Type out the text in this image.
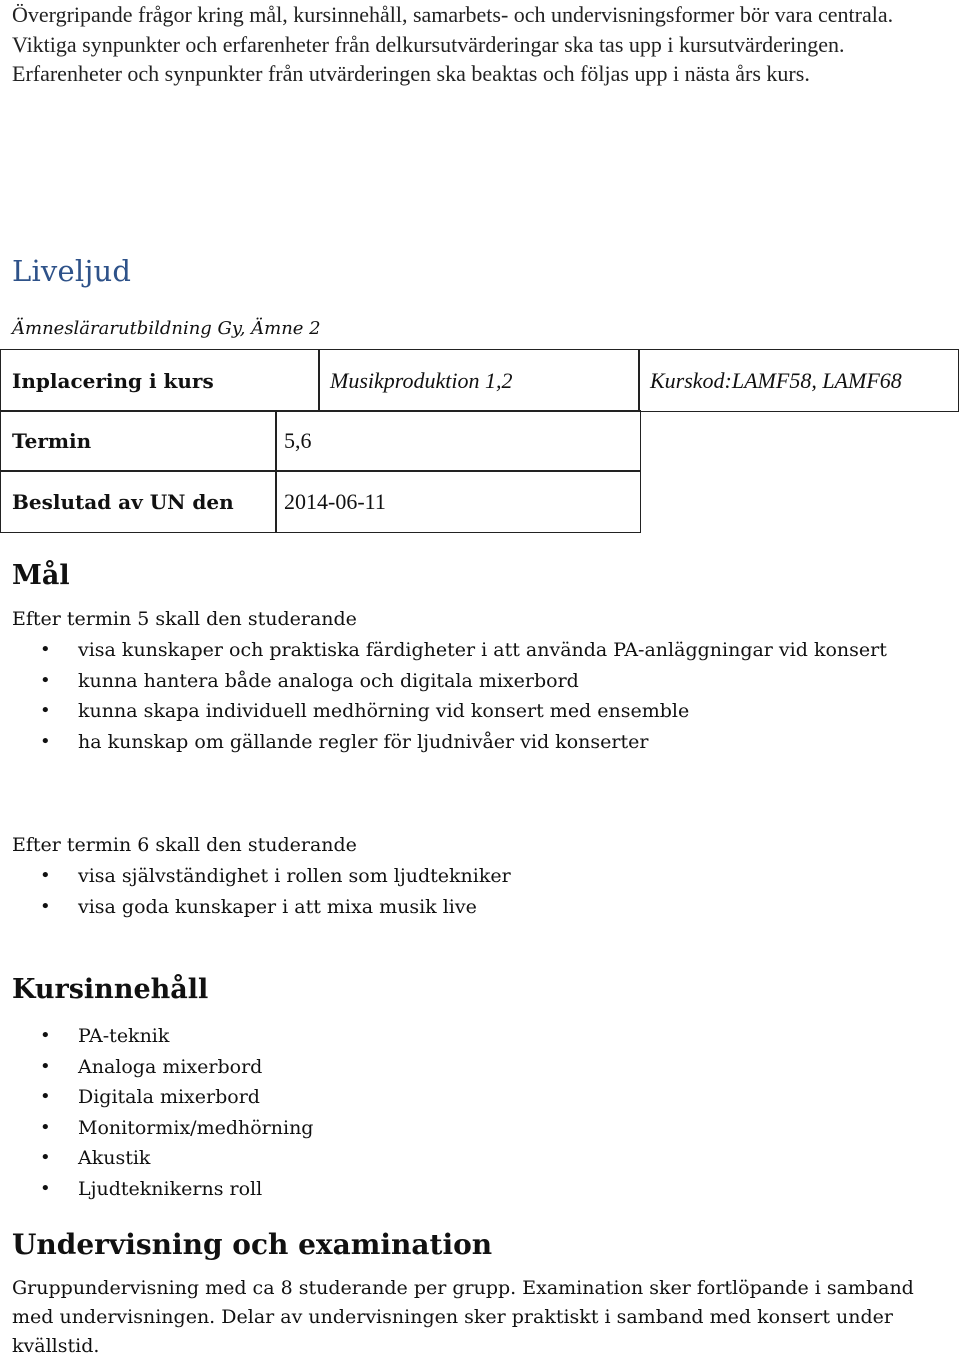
Övergripande frågor kring mål, kursinnehåll, samarbets- och undervisningsformer bör vara centrala. Viktiga synpunkter och erfarenheter från delkursutvärderingar ska tas upp i kursutvärderingen. Erfarenheter och synpunkter från utvärderingen ska beaktas och följas upp i nästa års kurs.

Liveljud
Ämneslärarutbildning Gy, Ämne 2
Inplacering i kurs	Musikproduktion 1,2	Kurskod:LAMF58, LAMF68
Termin	5,6
Beslutad av UN den	2014-06-11
Mål
Efter termin 5 skall den studerande
• visa kunskaper och praktiska färdigheter i att använda PA-anläggningar vid konsert
• kunna hantera både analoga och digitala mixerbord
• kunna skapa individuell medhörning vid konsert med ensemble
• ha kunskap om gällande regler för ljudnivåer vid konserter
Efter termin 6 skall den studerande
• visa självständighet i rollen som ljudtekniker
• visa goda kunskaper i att mixa musik live
Kursinnehåll
• PA-teknik
• Analoga mixerbord
• Digitala mixerbord
• Monitormix/medhörning
• Akustik
• Ljudteknikerns roll
Undervisning och examination

Gruppundervisning med ca 8 studerande per grupp. Examination sker fortlöpande i samband med undervisningen. Delar av undervisningen sker praktiskt i samband med konsert under kvällstid.
